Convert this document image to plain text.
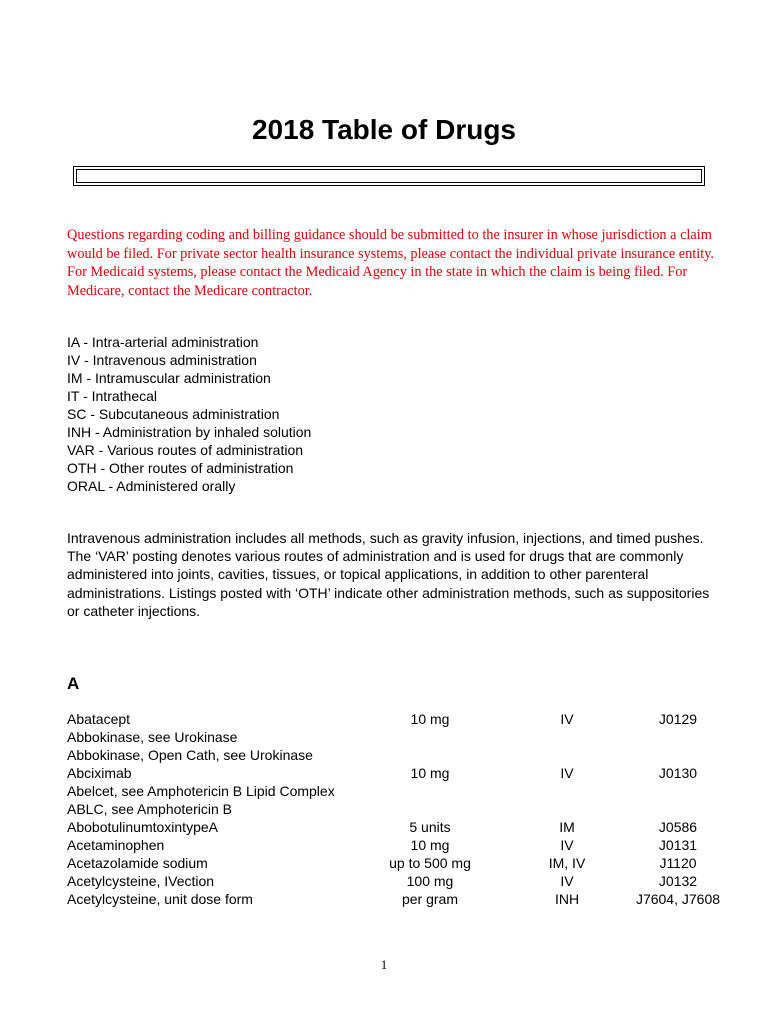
2018 Table of Drugs

Questions regarding coding and billing guidance should be submitted to the insurer in whose jurisdiction a claim would be filed. For private sector health insurance systems, please contact the individual private insurance entity. For Medicaid systems, please contact the Medicaid Agency in the state in which the claim is being filed. For Medicare, contact the Medicare contractor.

IA - Intra-arterial administration
IV - Intravenous administration
IM - Intramuscular administration
IT - Intrathecal
SC - Subcutaneous administration
INH - Administration by inhaled solution
VAR - Various routes of administration
OTH - Other routes of administration
ORAL - Administered orally

Intravenous administration includes all methods, such as gravity infusion, injections, and timed pushes. The ‘VAR’ posting denotes various routes of administration and is used for drugs that are commonly administered into joints, cavities, tissues, or topical applications, in addition to other parenteral administrations. Listings posted with ‘OTH’ indicate other administration methods, such as suppositories or catheter injections.

A
Abatacept	10 mg	IV	J0129
Abbokinase, see Urokinase			
Abbokinase, Open Cath, see Urokinase			
Abciximab	10 mg	IV	J0130
Abelcet, see Amphotericin B Lipid Complex			
ABLC, see Amphotericin B			
AbobotulinumtoxintypeA	5 units	IM	J0586
Acetaminophen	10 mg	IV	J0131
Acetazolamide sodium	up to 500 mg	IM, IV	J1120
Acetylcysteine, IVection	100 mg	IV	J0132
Acetylcysteine, unit dose form	per gram	INH	J7604, J7608

1
